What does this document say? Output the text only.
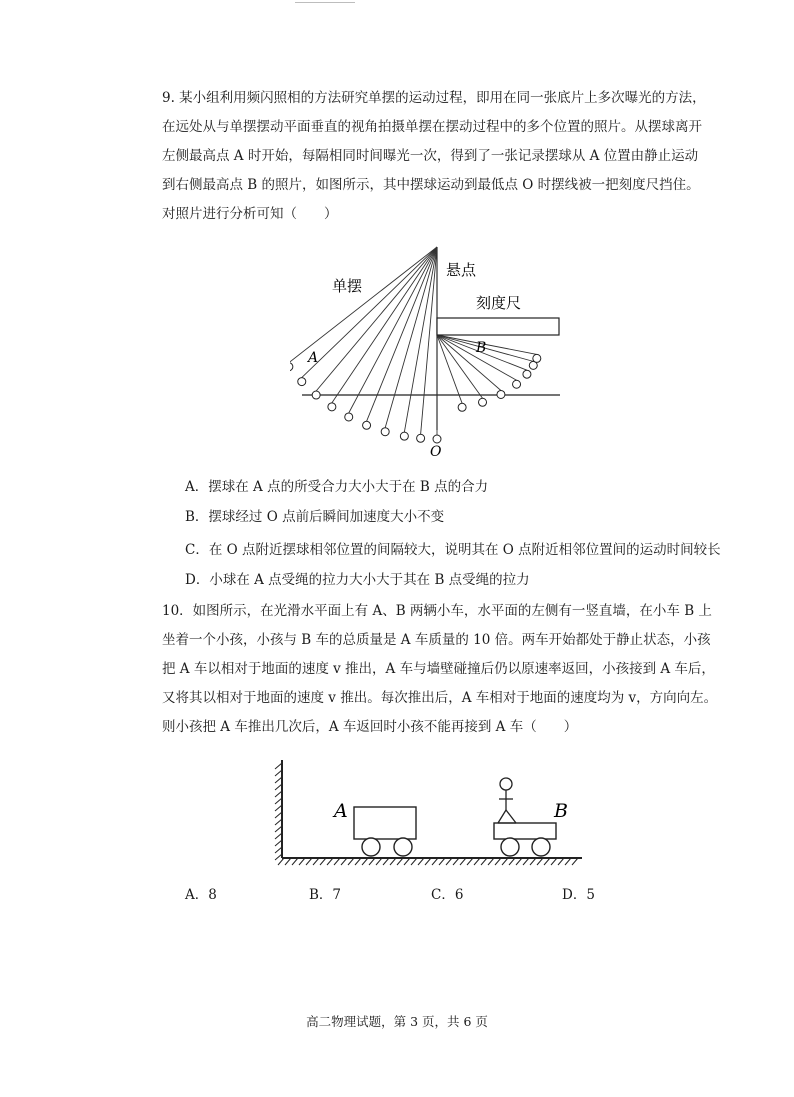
9. 某小组利用频闪照相的方法研究单摆的运动过程，即用在同一张底片上多次曝光的方法，
在远处从与单摆摆动平面垂直的视角拍摄单摆在摆动过程中的多个位置的照片。从摆球离开
左侧最高点 A 时开始，每隔相同时间曝光一次，得到了一张记录摆球从 A 位置由静止运动
到右侧最高点 B 的照片，如图所示，其中摆球运动到最低点 O 时摆线被一把刻度尺挡住。
对照片进行分析可知（　　）
单摆
悬点
刻度尺
A
B
O
A．摆球在 A 点的所受合力大小大于在 B 点的合力
B．摆球经过 O 点前后瞬间加速度大小不变
C．在 O 点附近摆球相邻位置的间隔较大，说明其在 O 点附近相邻位置间的运动时间较长
D．小球在 A 点受绳的拉力大小大于其在 B 点受绳的拉力
10．如图所示，在光滑水平面上有 A、B 两辆小车，水平面的左侧有一竖直墙，在小车 B 上
坐着一个小孩，小孩与 B 车的总质量是 A 车质量的 10 倍。两车开始都处于静止状态，小孩
把 A 车以相对于地面的速度 v 推出，A 车与墙壁碰撞后仍以原速率返回，小孩接到 A 车后，
又将其以相对于地面的速度 v 推出。每次推出后，A 车相对于地面的速度均为 v，方向向左。
则小孩把 A 车推出几次后，A 车返回时小孩不能再接到 A 车（　　）
A	B
A．8	B．7	C．6	D．5
高二物理试题，第 3 页，共 6 页
